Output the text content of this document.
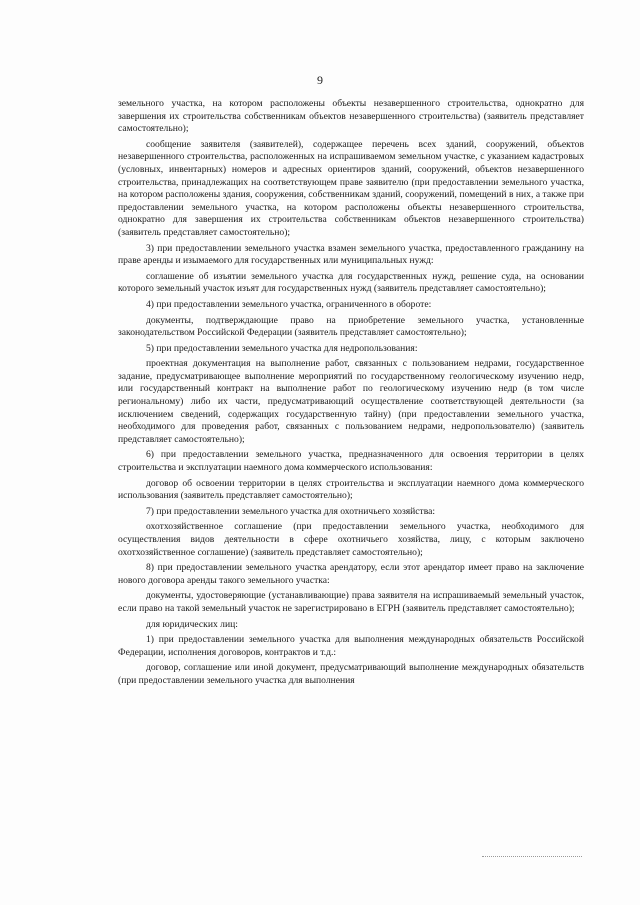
9

земельного участка, на котором расположены объекты незавершенного строительства, однократно для завершения их строительства собственникам объектов незавершенного строительства) (заявитель представляет самостоятельно);

сообщение заявителя (заявителей), содержащее перечень всех зданий, сооружений, объектов незавершенного строительства, расположенных на испрашиваемом земельном участке, с указанием кадастровых (условных, инвентарных) номеров и адресных ориентиров зданий, сооружений, объектов незавершенного строительства, принадлежащих на соответствующем праве заявителю (при предоставлении земельного участка, на котором расположены здания, сооружения, собственникам зданий, сооружений, помещений в них, а также при предоставлении земельного участка, на котором расположены объекты незавершенного строительства, однократно для завершения их строительства собственникам объектов незавершенного строительства) (заявитель представляет самостоятельно);

3) при предоставлении земельного участка взамен земельного участка, предоставленного гражданину на праве аренды и изымаемого для государственных или муниципальных нужд:

соглашение об изъятии земельного участка для государственных нужд, решение суда, на основании которого земельный участок изъят для государственных нужд (заявитель представляет самостоятельно);

4) при предоставлении земельного участка, ограниченного в обороте:

документы, подтверждающие право на приобретение земельного участка, установленные законодательством Российской Федерации (заявитель представляет самостоятельно);

5) при предоставлении земельного участка для недропользования:

проектная документация на выполнение работ, связанных с пользованием недрами, государственное задание, предусматривающее выполнение мероприятий по государственному геологическому изучению недр, или государственный контракт на выполнение работ по геологическому изучению недр (в том числе региональному) либо их части, предусматривающий осуществление соответствующей деятельности (за исключением сведений, содержащих государственную тайну) (при предоставлении земельного участка, необходимого для проведения работ, связанных с пользованием недрами, недропользователю) (заявитель представляет самостоятельно);

6) при предоставлении земельного участка, предназначенного для освоения территории в целях строительства и эксплуатации наемного дома коммерческого использования:

договор об освоении территории в целях строительства и эксплуатации наемного дома коммерческого использования (заявитель представляет самостоятельно);

7) при предоставлении земельного участка для охотничьего хозяйства:

охотхозяйственное соглашение (при предоставлении земельного участка, необходимого для осуществления видов деятельности в сфере охотничьего хозяйства, лицу, с которым заключено охотхозяйственное соглашение) (заявитель представляет самостоятельно);

8) при предоставлении земельного участка арендатору, если этот арендатор имеет право на заключение нового договора аренды такого земельного участка:

документы, удостоверяющие (устанавливающие) права заявителя на испрашиваемый земельный участок, если право на такой земельный участок не зарегистрировано в ЕГРН (заявитель представляет самостоятельно);

для юридических лиц:

1) при предоставлении земельного участка для выполнения международных обязательств Российской Федерации, исполнения договоров, контрактов и т.д.:

договор, соглашение или иной документ, предусматривающий выполнение международных обязательств (при предоставлении земельного участка для выполнения
